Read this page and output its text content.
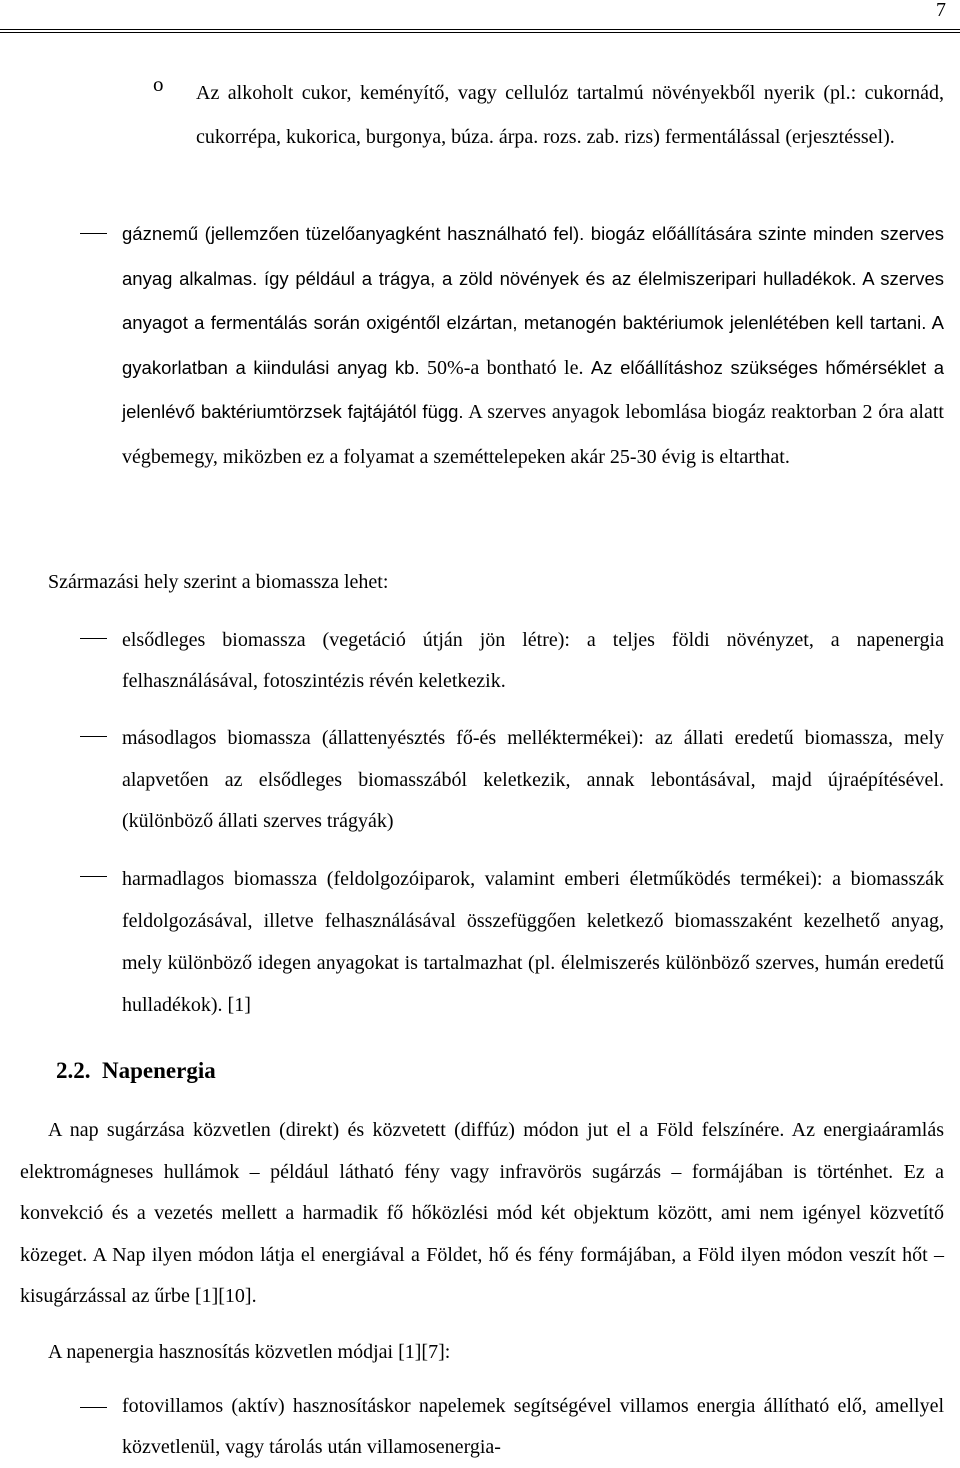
7
o Az alkoholt cukor, keményítő, vagy cellulóz tartalmú növényekből nyerik (pl.: cukornád, cukorrépa, kukorica, burgonya, búza. árpa. rozs. zab. rizs) fermentálással (erjesztéssel).

gáznemű (jellemzően tüzelőanyagként használható fel). biogáz előállítására szinte minden szerves anyag alkalmas. így például a trágya, a zöld növények és az élelmiszeripari hulladékok. A szerves anyagot a fermentálás során oxigéntől elzártan, metanogén baktériumok jelenlétében kell tartani. A gyakorlatban a kiindulási anyag kb. 50%-a bontható le. Az előállításhoz szükséges hőmérséklet a jelenlévő baktériumtörzsek fajtájától függ. A szerves anyagok lebomlása biogáz reaktorban 2 óra alatt végbemegy, miközben ez a folyamat a szeméttelepeken akár 25-30 évig is eltarthat.

Származási hely szerint a biomassza lehet:

elsődleges biomassza (vegetáció útján jön létre): a teljes földi növényzet, a napenergia felhasználásával, fotoszintézis révén keletkezik.

másodlagos biomassza (állattenyésztés fő-és melléktermékei): az állati eredetű biomassza, mely alapvetően az elsődleges biomasszából keletkezik, annak lebontásával, majd újraépítésével. (különböző állati szerves trágyák)

harmadlagos biomassza (feldolgozóiparok, valamint emberi életműködés termékei): a biomasszák feldolgozásával, illetve felhasználásával összefüggően keletkező biomasszaként kezelhető anyag, mely különböző idegen anyagokat is tartalmazhat (pl. élelmiszerés különböző szerves, humán eredetű hulladékok). [1]

2.2. Napenergia

A nap sugárzása közvetlen (direkt) és közvetett (diffúz) módon jut el a Föld felszínére. Az energiaáramlás elektromágneses hullámok – például látható fény vagy infravörös sugárzás – formájában is történhet. Ez a konvekció és a vezetés mellett a harmadik fő hőközlési mód két objektum között, ami nem igényel közvetítő közeget. A Nap ilyen módon látja el energiával a Földet, hő és fény formájában, a Föld ilyen módon veszít hőt – kisugárzással az űrbe [1][10].

A napenergia hasznosítás közvetlen módjai [1][7]:

fotovillamos (aktív) hasznosításkor napelemek segítségével villamos energia állítható elő, amellyel közvetlenül, vagy tárolás után villamosenergia-
